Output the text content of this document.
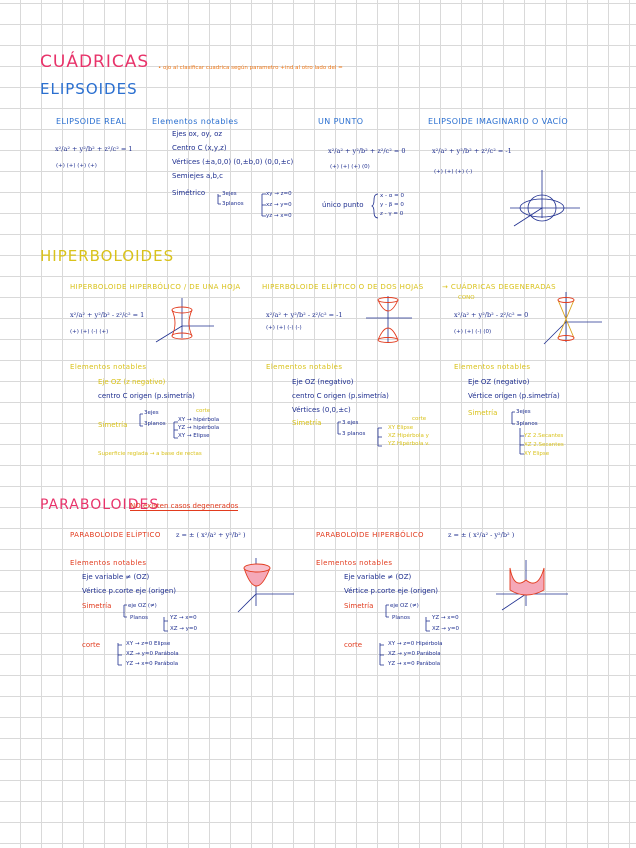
CUÁDRICAS • ojo al clasificar cuadrica según parametro +ind al otro lado del =
ELIPSOIDES
ELIPSOIDE REAL
x²/a² + y²/b² + z²/c² = 1
(+) (+) (+) (+)
Elementos notables
Ejes ox, oy, oz
Centro C (x,y,z)
Vértices (±a,0,0) (0,±b,0) (0,0,±c)
Semiejes a,b,c
Simétrico	3ejes
3planos
xy → z=0
xz → y=0
yz → x=0
UN PUNTO
x²/a² + y²/b² + z²/c² = 0
(+) (+) (+) (0)
único punto
x - α = 0
y - β = 0
z - γ = 0
ELIPSOIDE IMAGINARIO O VACÍO
x²/a² + y²/b² + z²/c² = -1
(+) (+) (+) (-)
HIPERBOLOIDES
HIPERBOLOIDE HIPERBÓLICO / DE UNA HOJA
x²/a² + y²/b² - z²/c² = 1
(+) (+) (-) (+)
Elementos notables
Eje OZ (z negativo)
centro C origen (p.simetría)
Simetría
3ejes
3planos
corte
XY → hipérbola
YZ → hipérbola
XY → Elipse
Superficie reglada → a base de rectas
HIPERBOLOIDE ELÍPTICO O DE DOS HOJAS
x²/a² + y²/b² - z²/c² = -1
(+) (+) (-) (-)
Elementos notables
Eje OZ (negativo)
centro C origen (p.simetría)
Vértices (0,0,±c)
Simetría	3 ejes
3 planos
corte
XY Elipse
XZ Hipérbola y
YZ Hipérbola v.
→ CUÁDRICAS DEGENERADAS
CONO
x²/a² + y²/b² - z²/c² = 0
(+) (+) (-) (0)
Elementos notables
Eje OZ (negativo)
Vértice origen (p.simetría)
Simetría	3ejes
3planos
YZ 2.Secantes
XZ 2.Secantes
XY Elipse
PARABOLOIDES
NO existen casos degenerados
PARABOLOIDE ELÍPTICO z = ± ( x²/a² + y²/b² )
Elementos notables
Eje variable ≠ (OZ)
Vértice p.corte eje (origen)
Simetría	eje OZ (≠)
Planos	YZ → x=0
XZ → y=0
corte	XY → z=0 Elipse
XZ → y=0 Parábola
YZ → x=0 Parábola
PARABOLOIDE HIPERBÓLICO	z = ± ( x²/a² - y²/b² )
Elementos notables
Eje variable ≠ (OZ)
Vértice p.corte eje (origen)
Simetría	eje OZ (≠)
Planos	YZ → x=0
XZ → y=0
corte	XY → z=0 Hipérbola
XZ → y=0 Parábola
YZ → x=0 Parábola
